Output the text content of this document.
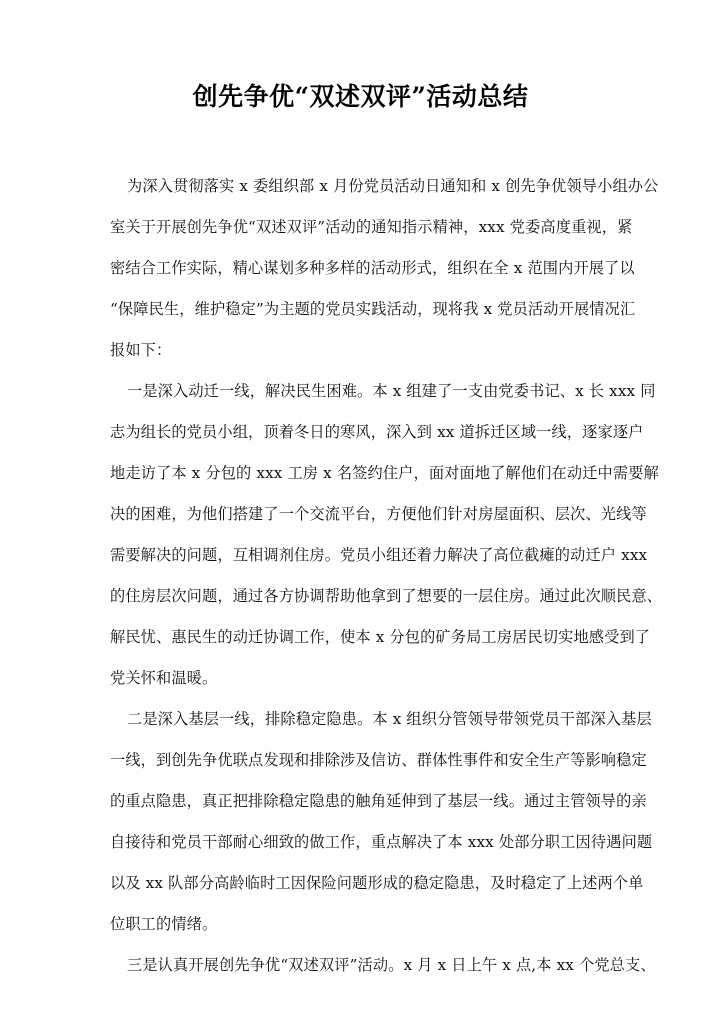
创先争优“双述双评”活动总结

为深入贯彻落实 x 委组织部 x 月份党员活动日通知和 x 创先争优领导小组办公
室关于开展创先争优“双述双评”活动的通知指示精神，xxx 党委高度重视，紧
密结合工作实际，精心谋划多种多样的活动形式，组织在全 x 范围内开展了以
“保障民生，维护稳定”为主题的党员实践活动，现将我 x 党员活动开展情况汇
报如下：

一是深入动迁一线，解决民生困难。本 x 组建了一支由党委书记、x 长 xxx 同
志为组长的党员小组，顶着冬日的寒风，深入到 xx 道拆迁区域一线，逐家逐户
地走访了本 x 分包的 xxx 工房 x 名签约住户，面对面地了解他们在动迁中需要解
决的困难，为他们搭建了一个交流平台，方便他们针对房屋面积、层次、光线等
需要解决的问题，互相调剂住房。党员小组还着力解决了高位截瘫的动迁户 xxx
的住房层次问题，通过各方协调帮助他拿到了想要的一层住房。通过此次顺民意、
解民忧、惠民生的动迁协调工作，使本 x 分包的矿务局工房居民切实地感受到了
党关怀和温暖。

二是深入基层一线，排除稳定隐患。本 x 组织分管领导带领党员干部深入基层
一线，到创先争优联点发现和排除涉及信访、群体性事件和安全生产等影响稳定
的重点隐患，真正把排除稳定隐患的触角延伸到了基层一线。通过主管领导的亲
自接待和党员干部耐心细致的做工作，重点解决了本 xxx 处部分职工因待遇问题
以及 xx 队部分高龄临时工因保险问题形成的稳定隐患，及时稳定了上述两个单
位职工的情绪。

三是认真开展创先争优“双述双评”活动。x 月 x 日上午 x 点,本 xx 个党总支、
